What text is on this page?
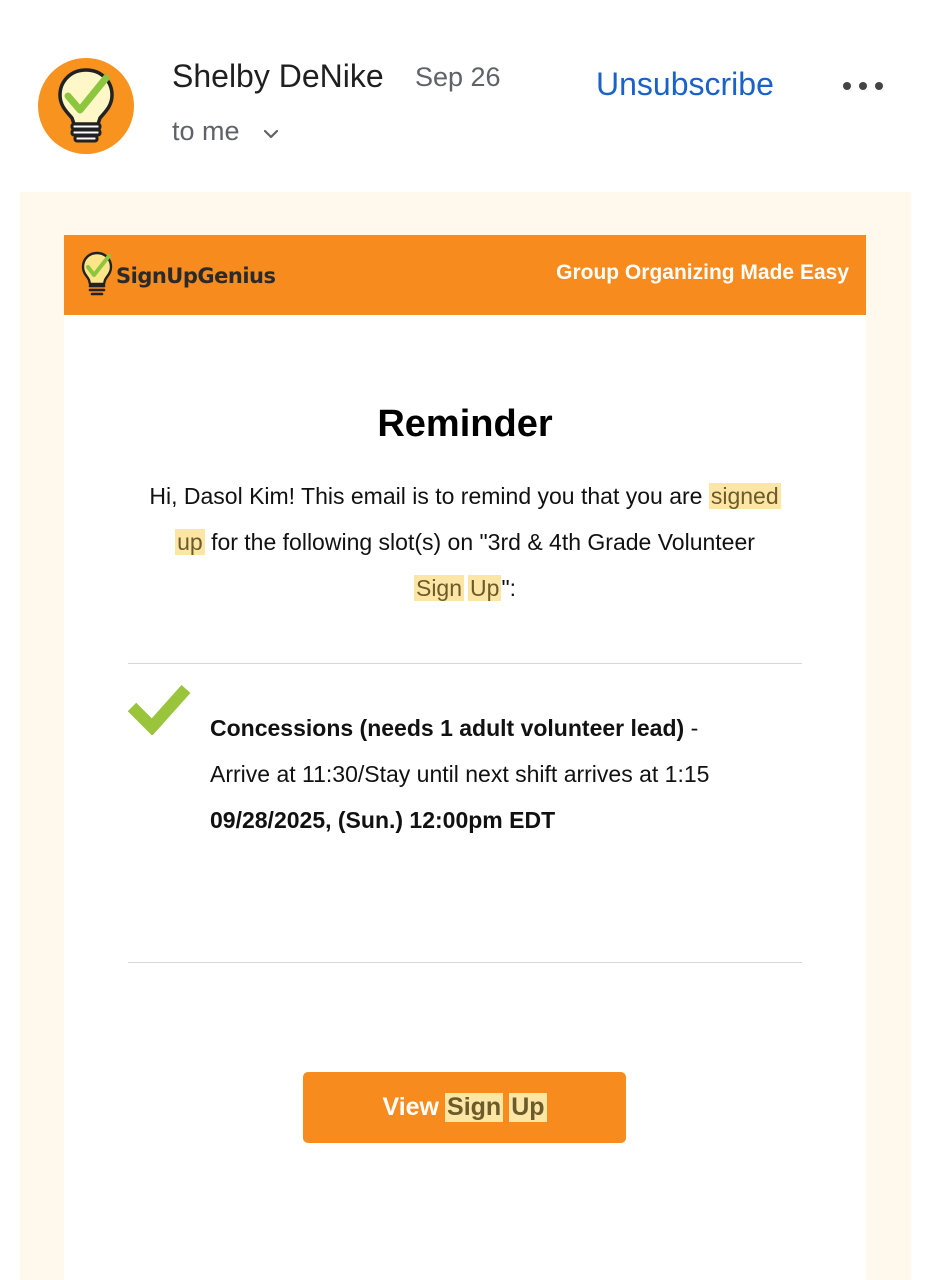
Shelby DeNike Sep 26
to me
Unsubscribe
SignUpGenius	Group Organizing Made Easy
Reminder
Hi, Dasol Kim! This email is to remind you that you are signed up for the following slot(s) on "3rd & 4th Grade Volunteer Sign Up":
Concessions (needs 1 adult volunteer lead) -
Arrive at 11:30/Stay until next shift arrives at 1:15
09/28/2025, (Sun.) 12:00pm EDT
View Sign Up
